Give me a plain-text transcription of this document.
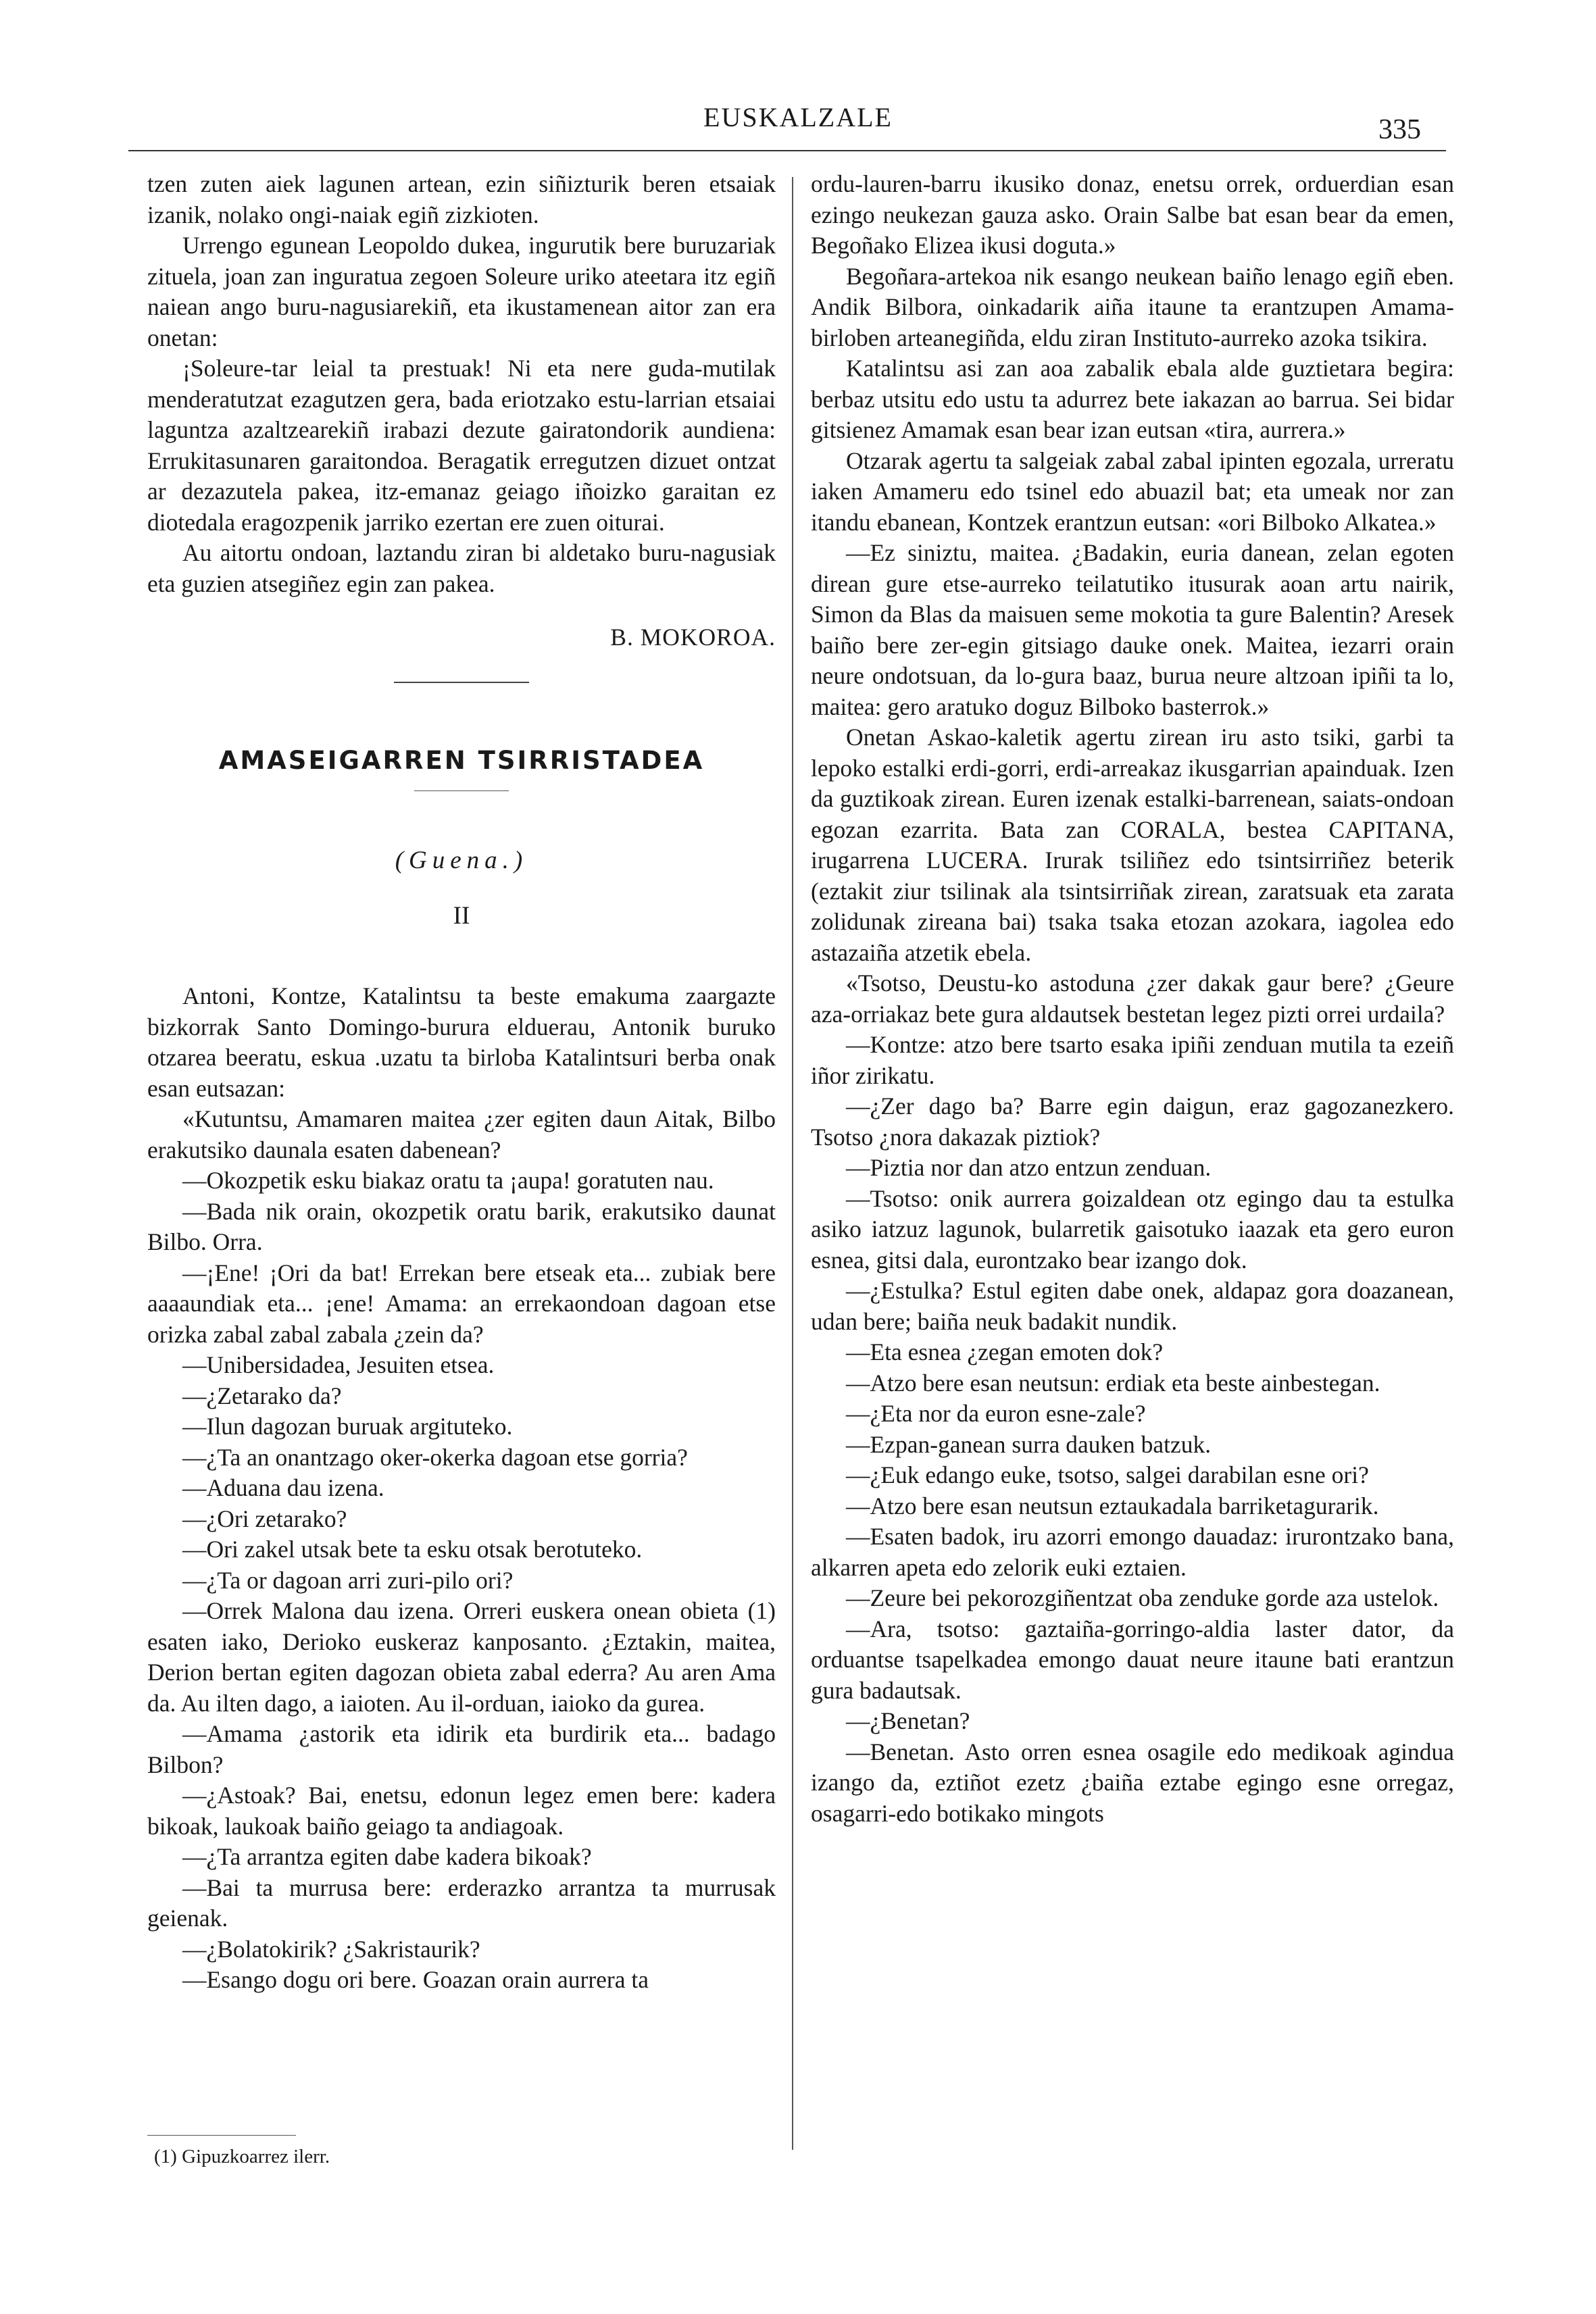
EUSKALZALE	335

tzen zuten aiek lagunen artean, ezin siñizturik beren etsaiak izanik, nolako ongi-naiak egiñ zizkioten.

Urrengo egunean Leopoldo dukea, ingurutik bere buruzariak zituela, joan zan inguratua zegoen Soleure uriko ateetara itz egiñ naiean ango buru-nagusiarekiñ, eta ikustamenean aitor zan era onetan:

¡Soleure-tar leial ta prestuak! Ni eta nere guda-mutilak menderatutzat ezagutzen gera, bada eriotzako estu-larrian etsaiai laguntza azaltzearekiñ irabazi dezute gairatondorik aundiena: Errukitasunaren garaitondoa. Beragatik erregutzen dizuet ontzat ar dezazutela pakea, itz-emanaz geiago iñoizko garaitan ez diotedala eragozpenik jarriko ezertan ere zuen oiturai.

Au aitortu ondoan, laztandu ziran bi aldetako buru-nagusiak eta guzien atsegiñez egin zan pakea.

B. MOKOROA.

AMASEIGARREN TSIRRISTADEA
(Guena.)
II

Antoni, Kontze, Katalintsu ta beste emakuma zaargazte bizkorrak Santo Domingo-burura elduerau, Antonik buruko otzarea beeratu, eskua .uzatu ta birloba Katalintsuri berba onak esan eutsazan:

«Kutuntsu, Amamaren maitea ¿zer egiten daun Aitak, Bilbo erakutsiko daunala esaten dabenean?

—Okozpetik esku biakaz oratu ta ¡aupa! goratuten nau.

—Bada nik orain, okozpetik oratu barik, erakutsiko daunat Bilbo. Orra.

—¡Ene! ¡Ori da bat! Errekan bere etseak eta... zubiak bere aaaaundiak eta... ¡ene! Amama: an errekaondoan dagoan etse orizka zabal zabal zabala ¿zein da?

—Unibersidadea, Jesuiten etsea.

—¿Zetarako da?

—Ilun dagozan buruak argituteko.

—¿Ta an onantzago oker-okerka dagoan etse gorria?

—Aduana dau izena.

—¿Ori zetarako?

—Ori zakel utsak bete ta esku otsak berotuteko.

—¿Ta or dagoan arri zuri-pilo ori?

—Orrek Malona dau izena. Orreri euskera onean obieta (1) esaten iako, Derioko euskeraz kanposanto. ¿Eztakin, maitea, Derion bertan egiten dagozan obieta zabal ederra? Au aren Ama da. Au ilten dago, a iaioten. Au il-orduan, iaioko da gurea.

—Amama ¿astorik eta idirik eta burdirik eta... badago Bilbon?

—¿Astoak? Bai, enetsu, edonun legez emen bere: kadera bikoak, laukoak baiño geiago ta andiagoak.

—¿Ta arrantza egiten dabe kadera bikoak?

—Bai ta murrusa bere: erderazko arrantza ta murrusak geienak.

—¿Bolatokirik? ¿Sakristaurik?

—Esango dogu ori bere. Goazan orain aurrera ta

(1) Gipuzkoarrez ilerr.

ordu-lauren-barru ikusiko donaz, enetsu orrek, orduerdian esan ezingo neukezan gauza asko. Orain Salbe bat esan bear da emen, Begoñako Elizea ikusi doguta.»

Begoñara-artekoa nik esango neukean baiño lenago egiñ eben. Andik Bilbora, oinkadarik aiña itaune ta erantzupen Amama-birloben arteanegiñda, eldu ziran Instituto-aurreko azoka tsikira.

Katalintsu asi zan aoa zabalik ebala alde guztietara begira: berbaz utsitu edo ustu ta adurrez bete iakazan ao barrua. Sei bidar gitsienez Amamak esan bear izan eutsan «tira, aurrera.»

Otzarak agertu ta salgeiak zabal zabal ipinten egozala, urreratu iaken Amameru edo tsinel edo abuazil bat; eta umeak nor zan itandu ebanean, Kontzek erantzun eutsan: «ori Bilboko Alkatea.»

—Ez siniztu, maitea. ¿Badakin, euria danean, zelan egoten direan gure etse-aurreko teilatutiko itusurak aoan artu nairik, Simon da Blas da maisuen seme mokotia ta gure Balentin? Aresek baiño bere zer-egin gitsiago dauke onek. Maitea, iezarri orain neure ondotsuan, da lo-gura baaz, burua neure altzoan ipiñi ta lo, maitea: gero aratuko doguz Bilboko basterrok.»

Onetan Askao-kaletik agertu zirean iru asto tsiki, garbi ta lepoko estalki erdi-gorri, erdi-arreakaz ikusgarrian apainduak. Izen da guztikoak zirean. Euren izenak estalki-barrenean, saiats-ondoan egozan ezarrita. Bata zan CORALA, bestea CAPITANA, irugarrena LUCERA. Irurak tsiliñez edo tsintsirriñez beterik (eztakit ziur tsilinak ala tsintsirriñak zirean, zaratsuak eta zarata zolidunak zireana bai) tsaka tsaka etozan azokara, iagolea edo astazaiña atzetik ebela.

«Tsotso, Deustu-ko astoduna ¿zer dakak gaur bere? ¿Geure aza-orriakaz bete gura aldautsek bestetan legez pizti orrei urdaila?

—Kontze: atzo bere tsarto esaka ipiñi zenduan mutila ta ezeiñ iñor zirikatu.

—¿Zer dago ba? Barre egin daigun, eraz gagozanezkero. Tsotso ¿nora dakazak piztiok?

—Piztia nor dan atzo entzun zenduan.

—Tsotso: onik aurrera goizaldean otz egingo dau ta estulka asiko iatzuz lagunok, bularretik gaisotuko iaazak eta gero euron esnea, gitsi dala, eurontzako bear izango dok.

—¿Estulka? Estul egiten dabe onek, aldapaz gora doazanean, udan bere; baiña neuk badakit nundik.

—Eta esnea ¿zegan emoten dok?

—Atzo bere esan neutsun: erdiak eta beste ainbestegan.

—¿Eta nor da euron esne-zale?

—Ezpan-ganean surra dauken batzuk.

—¿Euk edango euke, tsotso, salgei darabilan esne ori?

—Atzo bere esan neutsun eztaukadala barriketagurarik.

—Esaten badok, iru azorri emongo dauadaz: irurontzako bana, alkarren apeta edo zelorik euki eztaien.

—Zeure bei pekorozgiñentzat oba zenduke gorde aza ustelok.

—Ara, tsotso: gaztaiña-gorringo-aldia laster dator, da orduantse tsapelkadea emongo dauat neure itaune bati erantzun gura badautsak.

—¿Benetan?

—Benetan. Asto orren esnea osagile edo medikoak agindua izango da, eztiñot ezetz ¿baiña eztabe egingo esne orregaz, osagarri-edo botikako mingots
